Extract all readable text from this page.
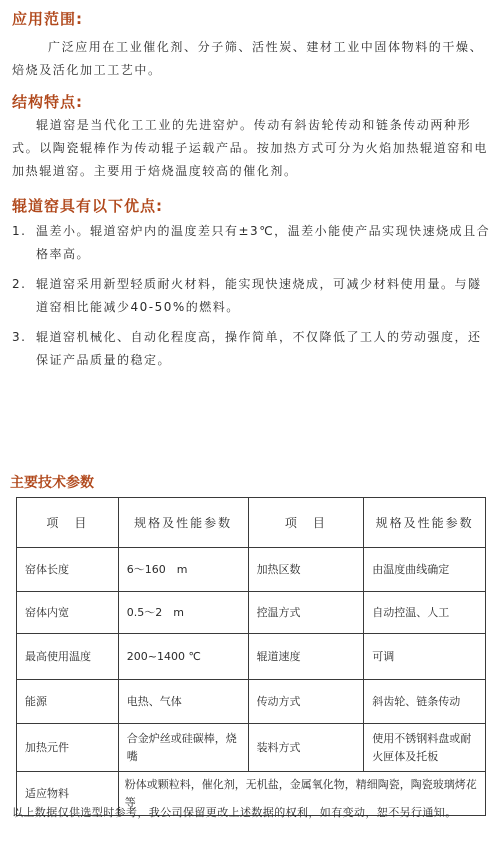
应用范围:
广泛应用在工业催化剂、分子筛、活性炭、建材工业中固体物料的干燥、焙烧及活化加工工艺中。
结构特点:
辊道窑是当代化工工业的先进窑炉。传动有斜齿轮传动和链条传动两种形式。以陶瓷辊棒作为传动辊子运载产品。按加热方式可分为火焰加热辊道窑和电加热辊道窑。主要用于焙烧温度较高的催化剂。
辊道窑具有以下优点:
1. 温差小。辊道窑炉内的温度差只有±3℃，温差小能使产品实现快速烧成且合格率高。
2. 辊道窑采用新型轻质耐火材料，能实现快速烧成，可减少材料使用量。与隧道窑相比能减少40-50%的燃料。
3. 辊道窑机械化、自动化程度高，操作简单，不仅降低了工人的劳动强度，还保证产品质量的稳定。
主要技术参数
项　目	规格及性能参数	项　目	规格及性能参数
窑体长度	6～160　m	加热区数	由温度曲线确定
窑体内宽	0.5～2　m	控温方式	自动控温、人工
最高使用温度	200~1400 ℃	辊道速度	可调
能源	电热、气体	传动方式	斜齿轮、链条传动
加热元件	合金炉丝或硅碳棒，烧嘴	装料方式	使用不锈钢料盘或耐火匣体及托板
适应物料	粉体或颗粒料，催化剂，无机盐，金属氧化物，精细陶瓷，陶瓷玻璃烤花等		
以上数据仅供选型时参考，我公司保留更改上述数据的权利，如有变动，恕不另行通知。
